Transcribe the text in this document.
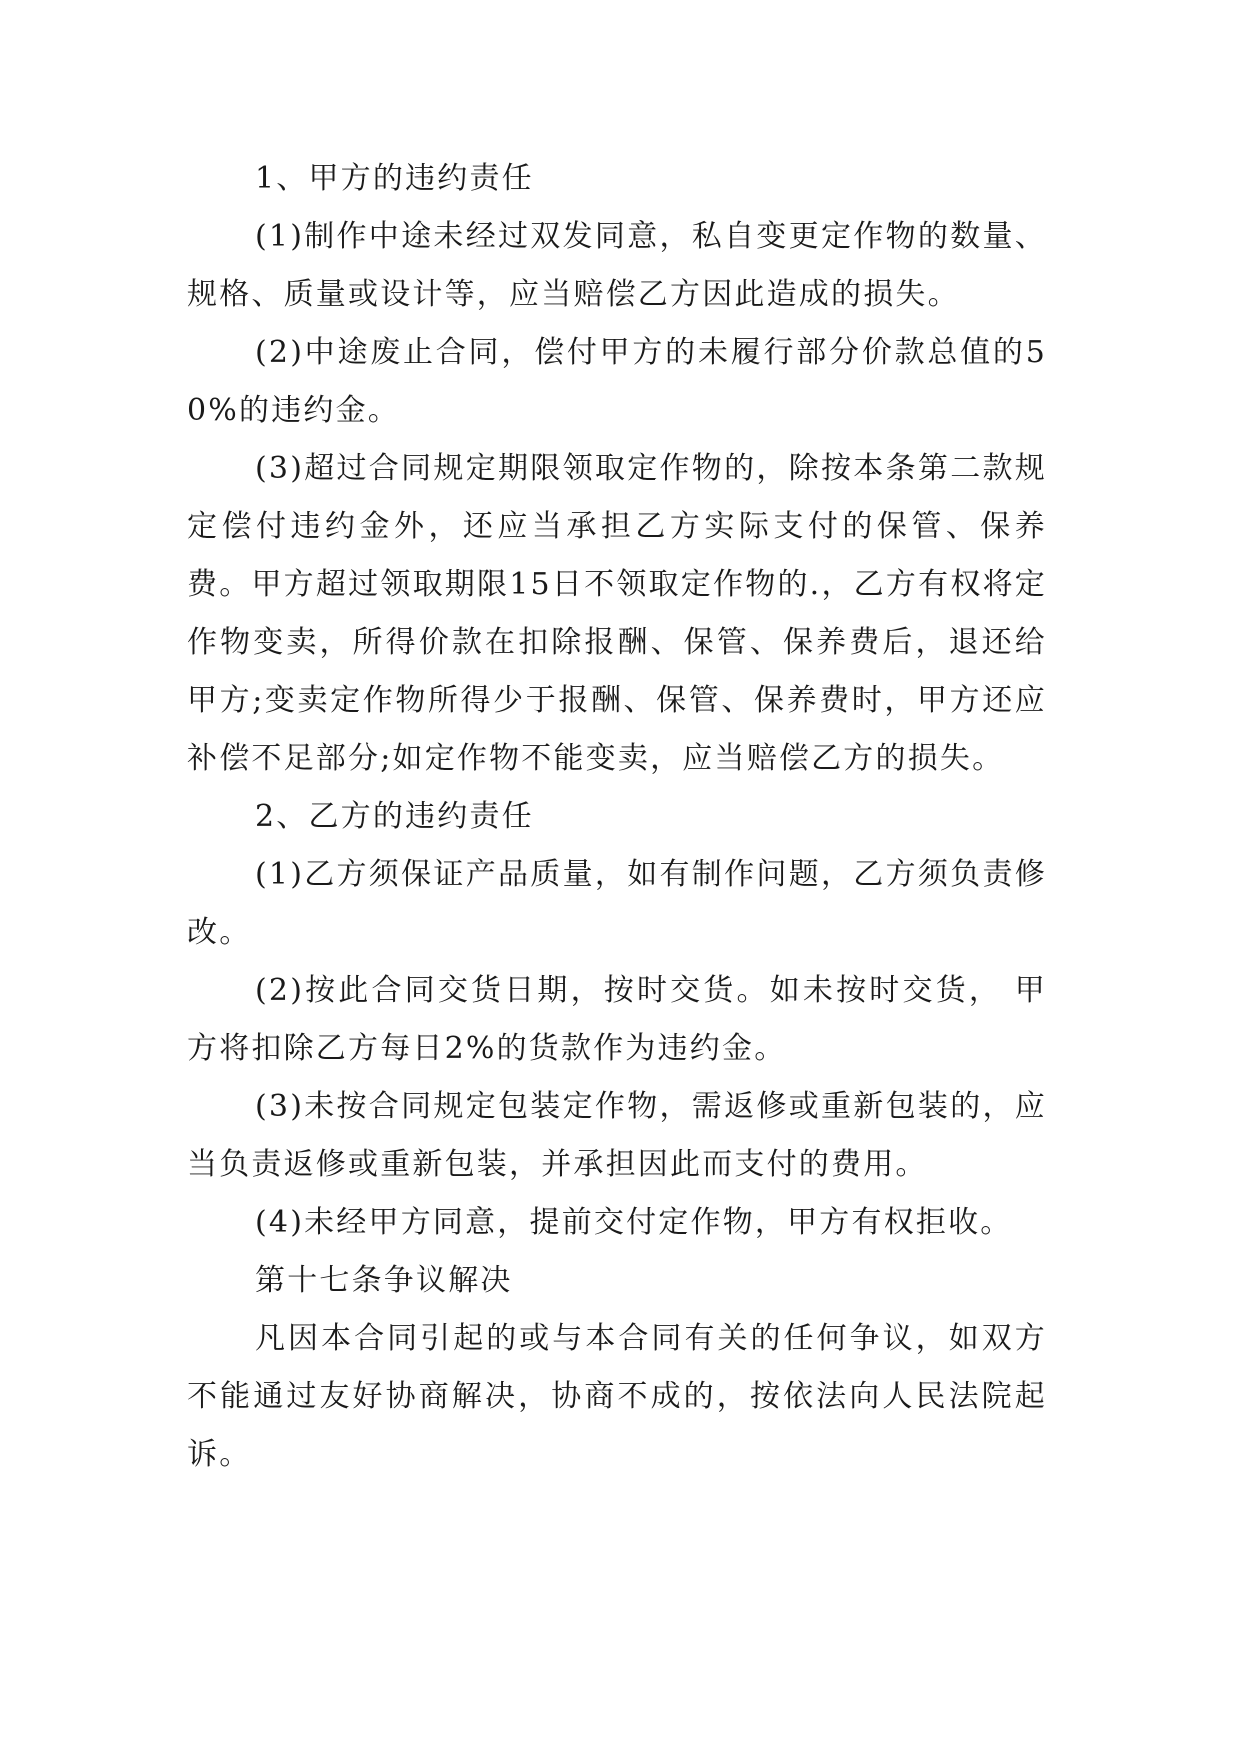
1、甲方的违约责任

(1)制作中途未经过双发同意，私自变更定作物的数量、规格、质量或设计等，应当赔偿乙方因此造成的损失。

(2)中途废止合同，偿付甲方的未履行部分价款总值的50%的违约金。

(3)超过合同规定期限领取定作物的，除按本条第二款规定偿付违约金外，还应当承担乙方实际支付的保管、保养费。甲方超过领取期限15日不领取定作物的.，乙方有权将定作物变卖，所得价款在扣除报酬、保管、保养费后，退还给甲方;变卖定作物所得少于报酬、保管、保养费时，甲方还应补偿不足部分;如定作物不能变卖，应当赔偿乙方的损失。

2、乙方的违约责任

(1)乙方须保证产品质量，如有制作问题，乙方须负责修改。

(2)按此合同交货日期，按时交货。如未按时交货， 甲方将扣除乙方每日2%的货款作为违约金。

(3)未按合同规定包装定作物，需返修或重新包装的，应当负责返修或重新包装，并承担因此而支付的费用。

(4)未经甲方同意，提前交付定作物，甲方有权拒收。

第十七条争议解决

凡因本合同引起的或与本合同有关的任何争议，如双方不能通过友好协商解决，协商不成的，按依法向人民法院起诉。
